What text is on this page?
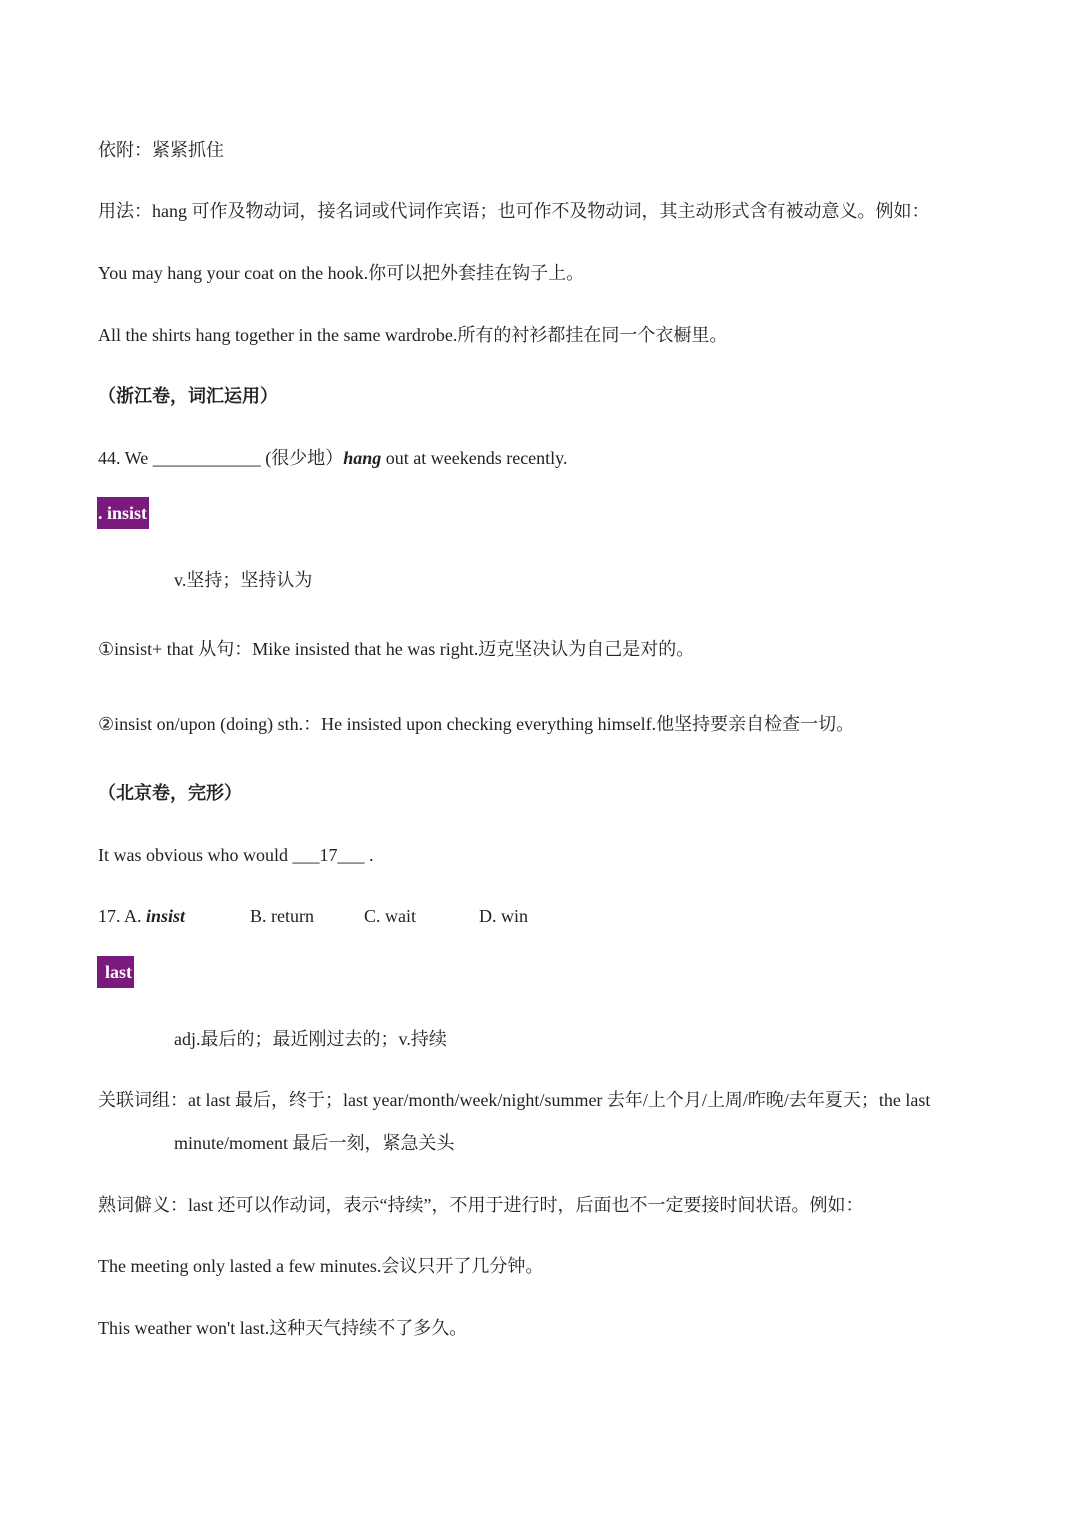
依附：紧紧抓住
用法：hang 可作及物动词，接名词或代词作宾语；也可作不及物动词，其主动形式含有被动意义。例如：
You may hang your coat on the hook.你可以把外套挂在钩子上。
All the shirts hang together in the same wardrobe.所有的衬衫都挂在同一个衣橱里。
（浙江卷，词汇运用）
44. We ____________ (很少地）hang out at weekends recently.
. insist
v.坚持；坚持认为
①insist+ that 从句：Mike insisted that he was right.迈克坚决认为自己是对的。
②insist on/upon (doing) sth.：He insisted upon checking everything himself.他坚持要亲自检查一切。
（北京卷，完形）
It was obvious who would ___17___ .
17. A. insist	B. return	C. wait	D. win
last
adj.最后的；最近刚过去的；v.持续
关联词组：at last 最后，终于；last year/month/week/night/summer 去年/上个月/上周/昨晚/去年夏天；the last
minute/moment 最后一刻，紧急关头
熟词僻义：last 还可以作动词，表示“持续”，不用于进行时，后面也不一定要接时间状语。例如：
The meeting only lasted a few minutes.会议只开了几分钟。
This weather won't last.这种天气持续不了多久。
